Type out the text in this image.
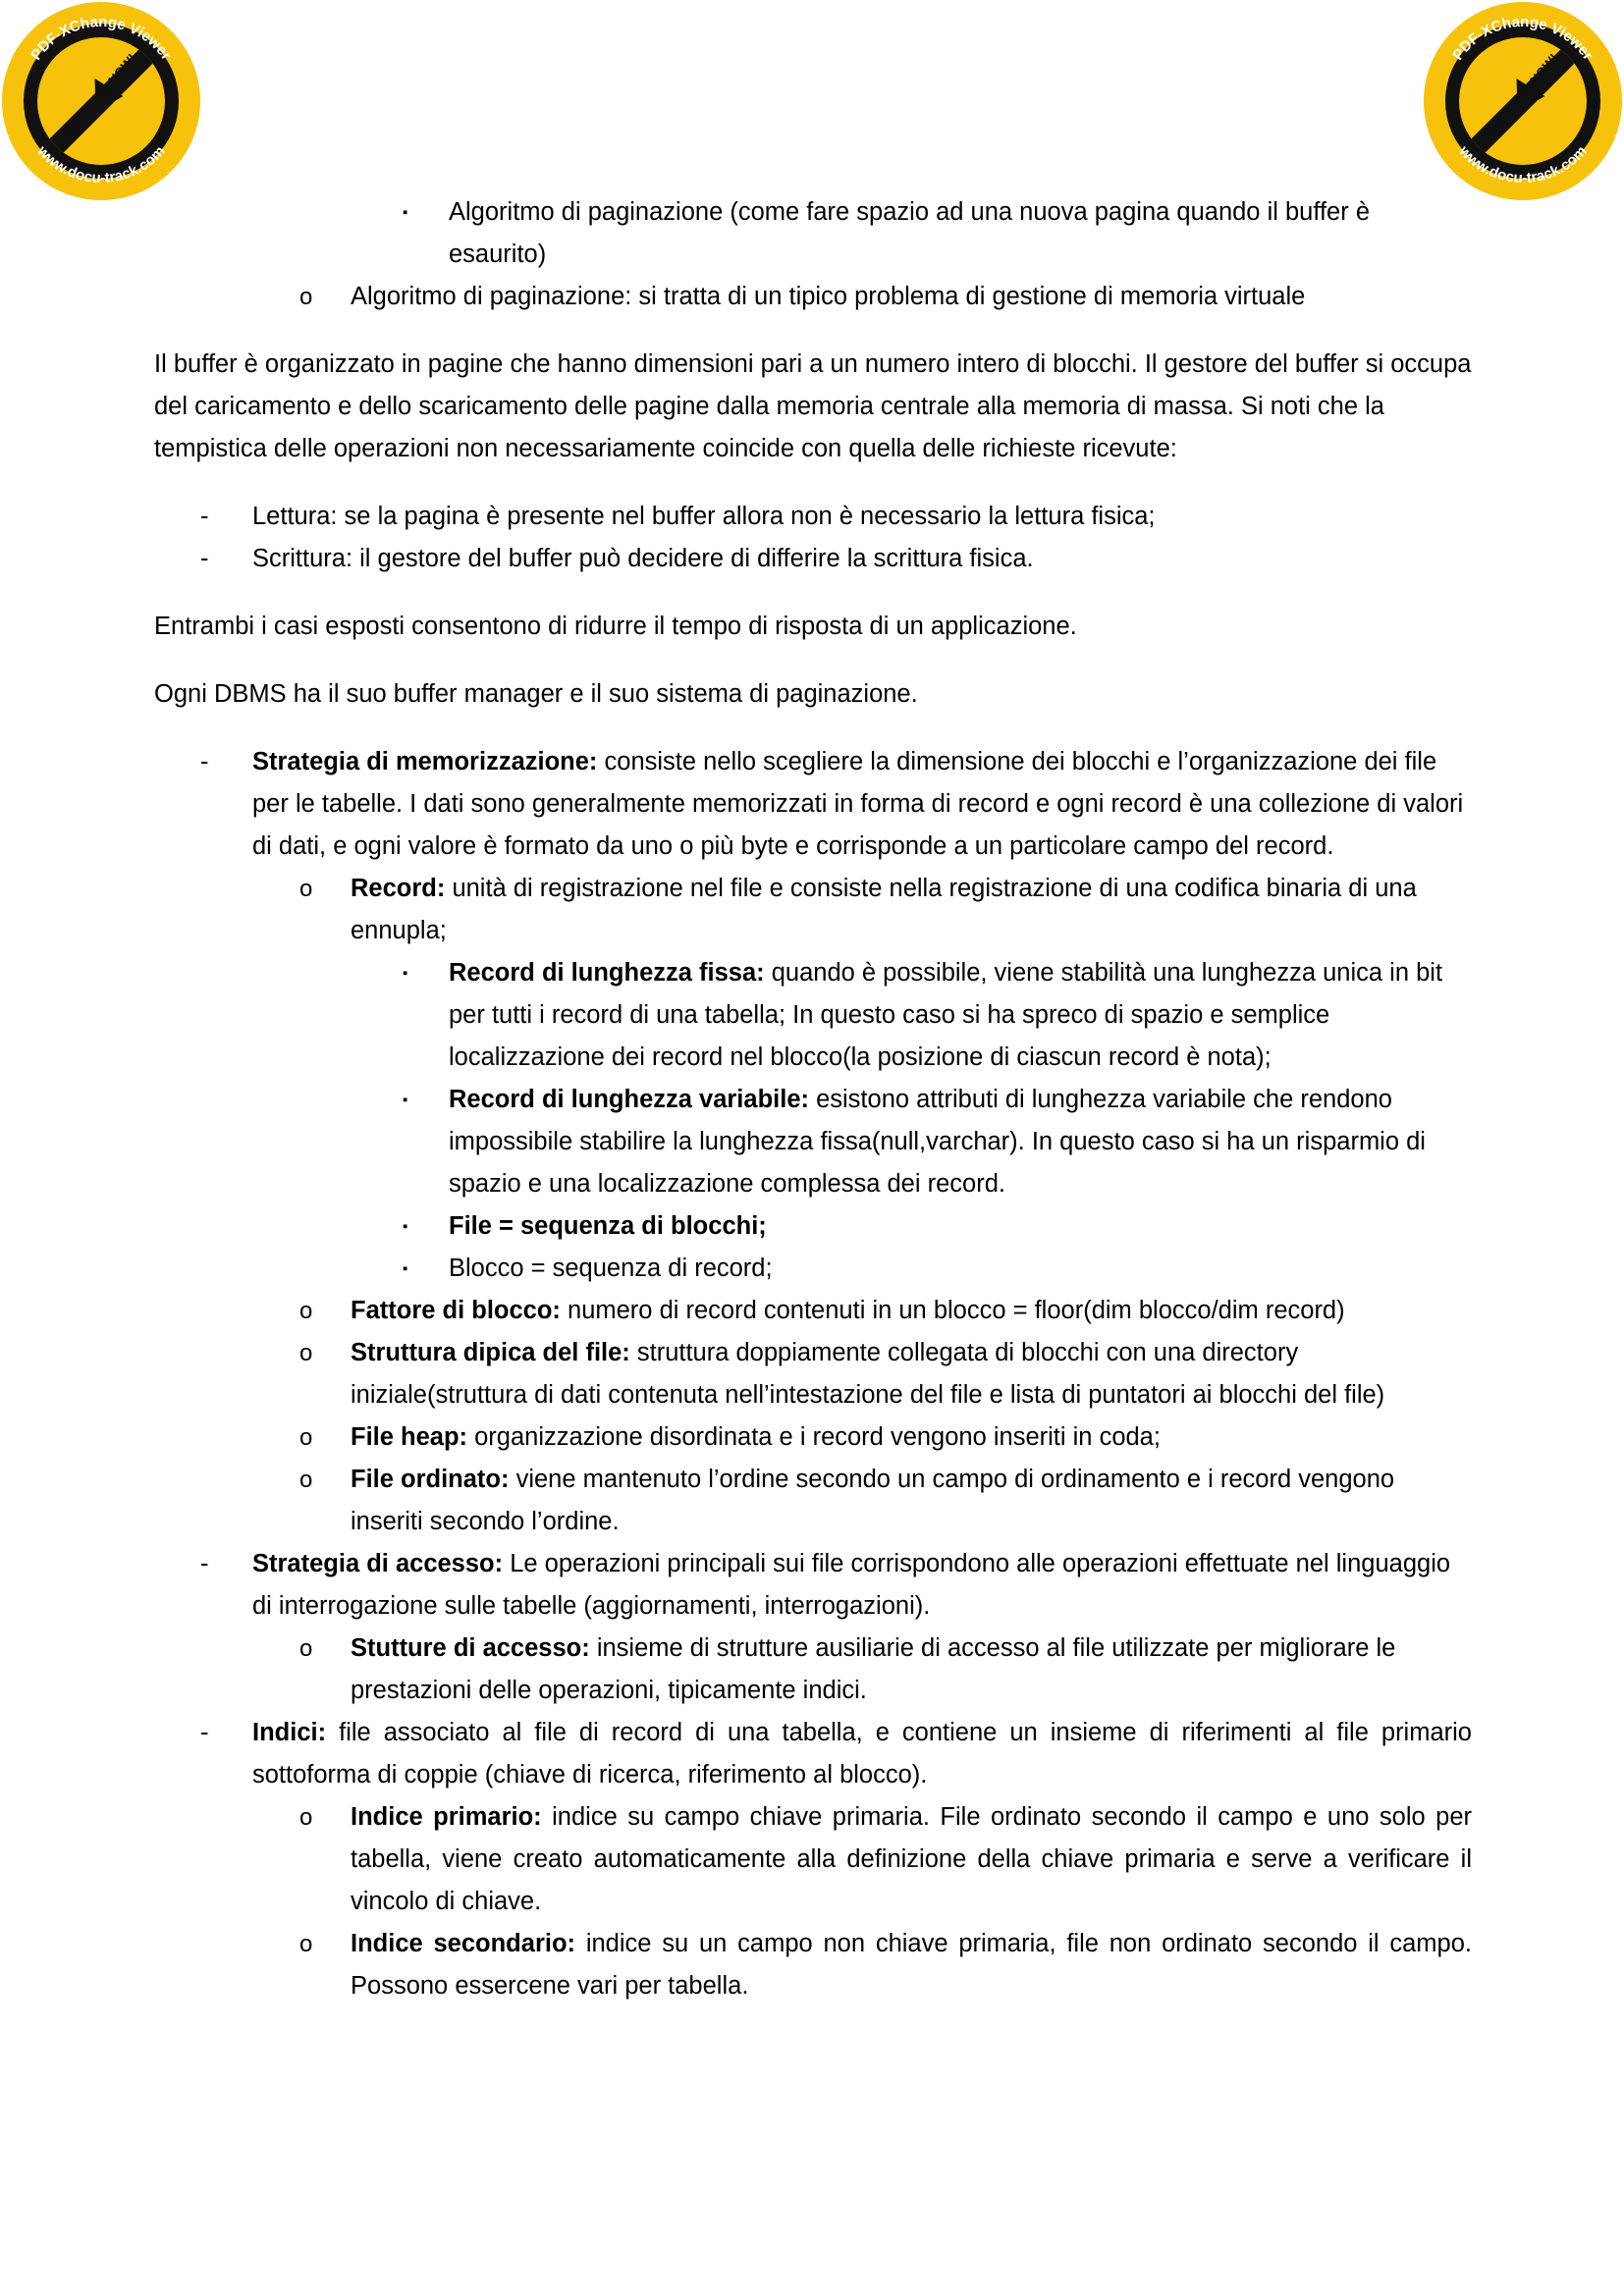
PDF-XChange Viewer
Click to buy NOW!
www.docu-track.com
PDF-XChange Viewer
Click to buy NOW!
www.docu-track.com
▪ Algoritmo di paginazione (come fare spazio ad una nuova pagina quando il buffer è esaurito)
o Algoritmo di paginazione: si tratta di un tipico problema di gestione di memoria virtuale

Il buffer è organizzato in pagine che hanno dimensioni pari a un numero intero di blocchi. Il gestore del buffer si occupa del caricamento e dello scaricamento delle pagine dalla memoria centrale alla memoria di massa. Si noti che la tempistica delle operazioni non necessariamente coincide con quella delle richieste ricevute:

- Lettura: se la pagina è presente nel buffer allora non è necessario la lettura fisica;
- Scrittura: il gestore del buffer può decidere di differire la scrittura fisica.

Entrambi i casi esposti consentono di ridurre il tempo di risposta di un applicazione.

Ogni DBMS ha il suo buffer manager e il suo sistema di paginazione.

- Strategia di memorizzazione: consiste nello scegliere la dimensione dei blocchi e l’organizzazione dei file per le tabelle. I dati sono generalmente memorizzati in forma di record e ogni record è una collezione di valori di dati, e ogni valore è formato da uno o più byte e corrisponde a un particolare campo del record.
o Record: unità di registrazione nel file e consiste nella registrazione di una codifica binaria di una ennupla;
▪ Record di lunghezza fissa: quando è possibile, viene stabilità una lunghezza unica in bit per tutti i record di una tabella; In questo caso si ha spreco di spazio e semplice localizzazione dei record nel blocco(la posizione di ciascun record è nota);
▪ Record di lunghezza variabile: esistono attributi di lunghezza variabile che rendono impossibile stabilire la lunghezza fissa(null,varchar). In questo caso si ha un risparmio di spazio e una localizzazione complessa dei record.
▪ File = sequenza di blocchi;
▪ Blocco = sequenza di record;
o Fattore di blocco: numero di record contenuti in un blocco = floor(dim blocco/dim record)
o Struttura dipica del file: struttura doppiamente collegata di blocchi con una directory iniziale(struttura di dati contenuta nell’intestazione del file e lista di puntatori ai blocchi del file)
o File heap: organizzazione disordinata e i record vengono inseriti in coda;
o File ordinato: viene mantenuto l’ordine secondo un campo di ordinamento e i record vengono inseriti secondo l’ordine.
- Strategia di accesso: Le operazioni principali sui file corrispondono alle operazioni effettuate nel linguaggio di interrogazione sulle tabelle (aggiornamenti, interrogazioni).
o Stutture di accesso: insieme di strutture ausiliarie di accesso al file utilizzate per migliorare le prestazioni delle operazioni, tipicamente indici.
- Indici: file associato al file di record di una tabella, e contiene un insieme di riferimenti al file primario sottoforma di coppie (chiave di ricerca, riferimento al blocco).
o Indice primario: indice su campo chiave primaria. File ordinato secondo il campo e uno solo per tabella, viene creato automaticamente alla definizione della chiave primaria e serve a verificare il vincolo di chiave.
o Indice secondario: indice su un campo non chiave primaria, file non ordinato secondo il campo. Possono essercene vari per tabella.
